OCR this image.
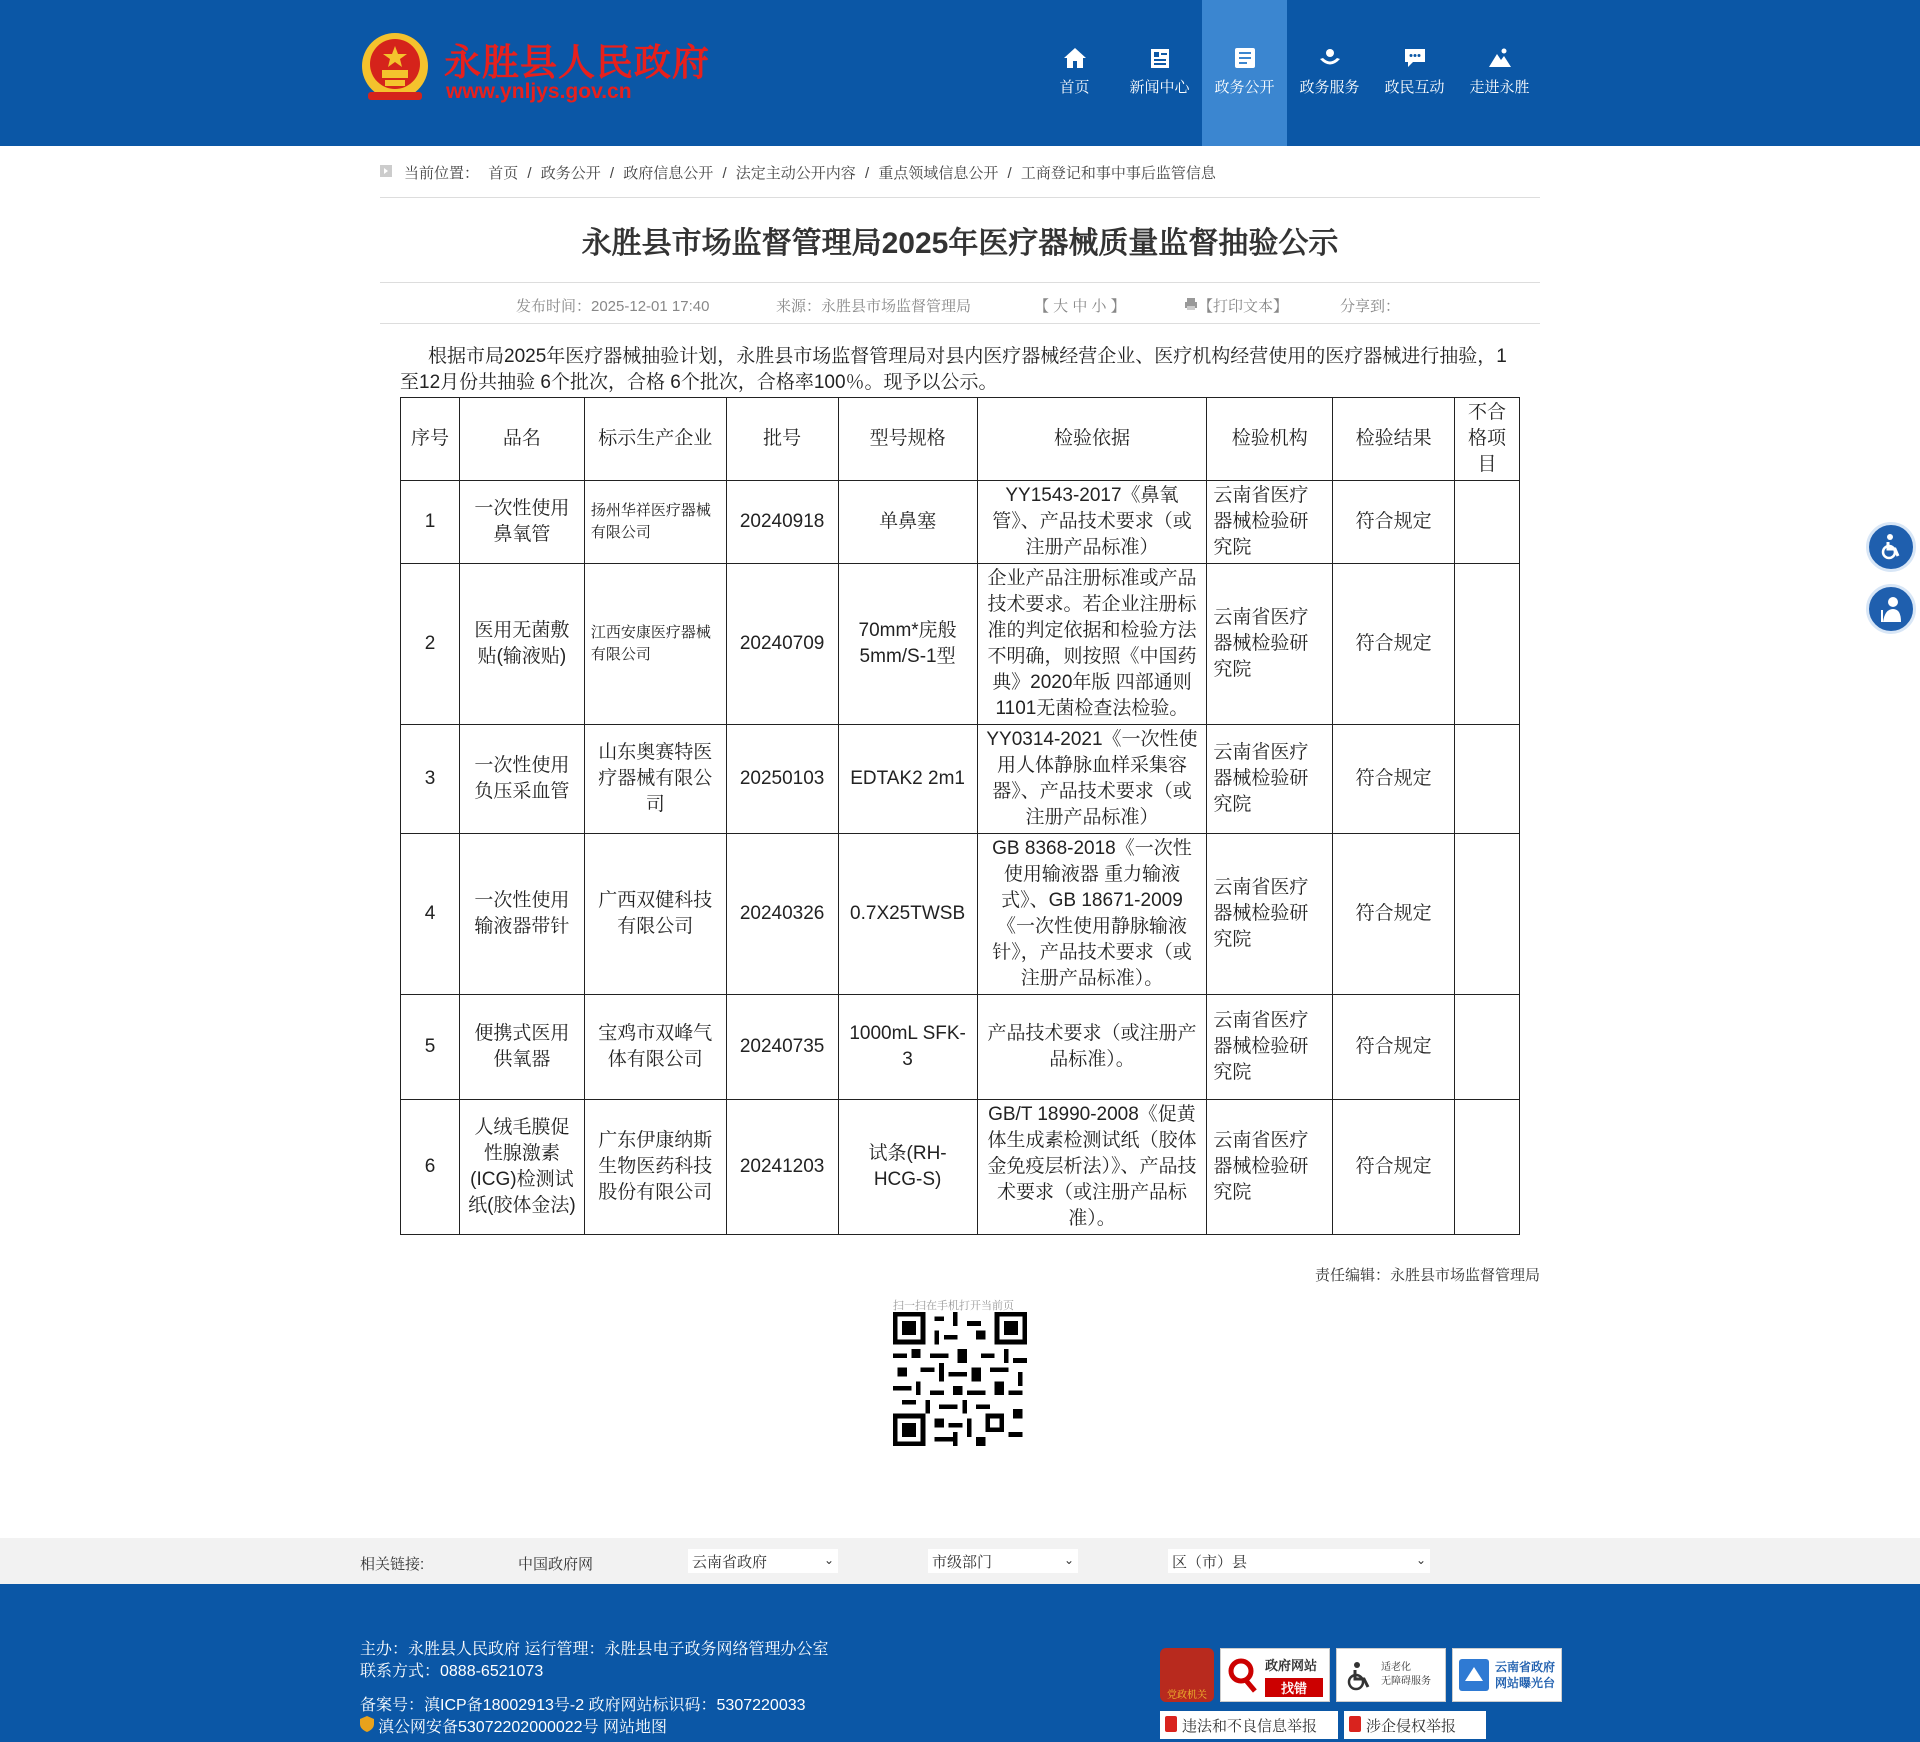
永胜县人民政府
www.ynljys.gov.cn	首页	新闻中心	政务公开	政务服务	政民互动	走进永胜
当前位置： 首页 / 政务公开 / 政府信息公开 / 法定主动公开内容 / 重点领域信息公开 / 工商登记和事中事后监管信息
永胜县市场监督管理局2025年医疗器械质量监督抽验公示
发布时间：2025-12-01 17:40	来源：永胜县市场监督管理局	【 大 中 小 】	【打印文本】	分享到：
根据市局2025年医疗器械抽验计划，永胜县市场监督管理局对县内医疗器械经营企业、医疗机构经营使用的医疗器械进行抽验，1至12月份共抽验 6个批次，合格 6个批次，合格率100％。现予以公示。
序号	品名	标示生产企业	批号	型号规格	检验依据	检验机构	检验结果	不合格项目
1	一次性使用鼻氧管	扬州华祥医疗器械有限公司	20240918	单鼻塞	YY1543-2017《鼻氧管》、产品技术要求（或注册产品标准）	云南省医疗器械检验研究院	符合规定	
2	医用无菌敷贴(输液贴)	江西安康医疗器械有限公司	20240709	70mm*庑般5mm/S-1型	企业产品注册标准或产品技术要求。若企业注册标准的判定依据和检验方法不明确，则按照《中国药典》2020年版 四部通则1101无菌检查法检验。	云南省医疗器械检验研究院	符合规定	
3	一次性使用负压采血管	山东奥赛特医疗器械有限公司	20250103	EDTAK2 2m1	YY0314-2021《一次性使用人体静脉血样采集容器》、产品技术要求（或注册产品标准）	云南省医疗器械检验研究院	符合规定	
4	一次性使用输液器带针	广西双健科技有限公司	20240326	0.7X25TWSB	GB 8368-2018《一次性使用输液器 重力输液式》、GB 18671-2009《一次性使用静脉输液针》，产品技术要求（或注册产品标准）。	云南省医疗器械检验研究院	符合规定	
5	便携式医用供氧器	宝鸡市双峰气体有限公司	20240735	1000mL SFK-3	产品技术要求（或注册产品标准）。	云南省医疗器械检验研究院	符合规定	
6	人绒毛膜促性腺激素(ICG)检测试纸(胶体金法)	广东伊康纳斯生物医药科技股份有限公司	20241203	试条(RH-HCG-S)	GB/T 18990-2008《促黄体生成素检测试纸（胶体金免疫层析法）》、产品技术要求（或注册产品标准）。	云南省医疗器械检验研究院	符合规定	
责任编辑：永胜县市场监督管理局
扫一扫在手机打开当前页
相关链接:	中国政府网	云南省政府	⌄	市级部门	⌄	区（市）县	⌄
主办：永胜县人民政府 运行管理：永胜县电子政务网络管理办公室
联系方式：0888-6521073
备案号：滇ICP备18002913号-2 政府网站标识码：5307220033
滇公网安备53072202000022号 网站地图
党政机关
政府网站
找错
适老化
无障碍服务
云南省政府
网站曝光台
违法和不良信息举报	涉企侵权举报
